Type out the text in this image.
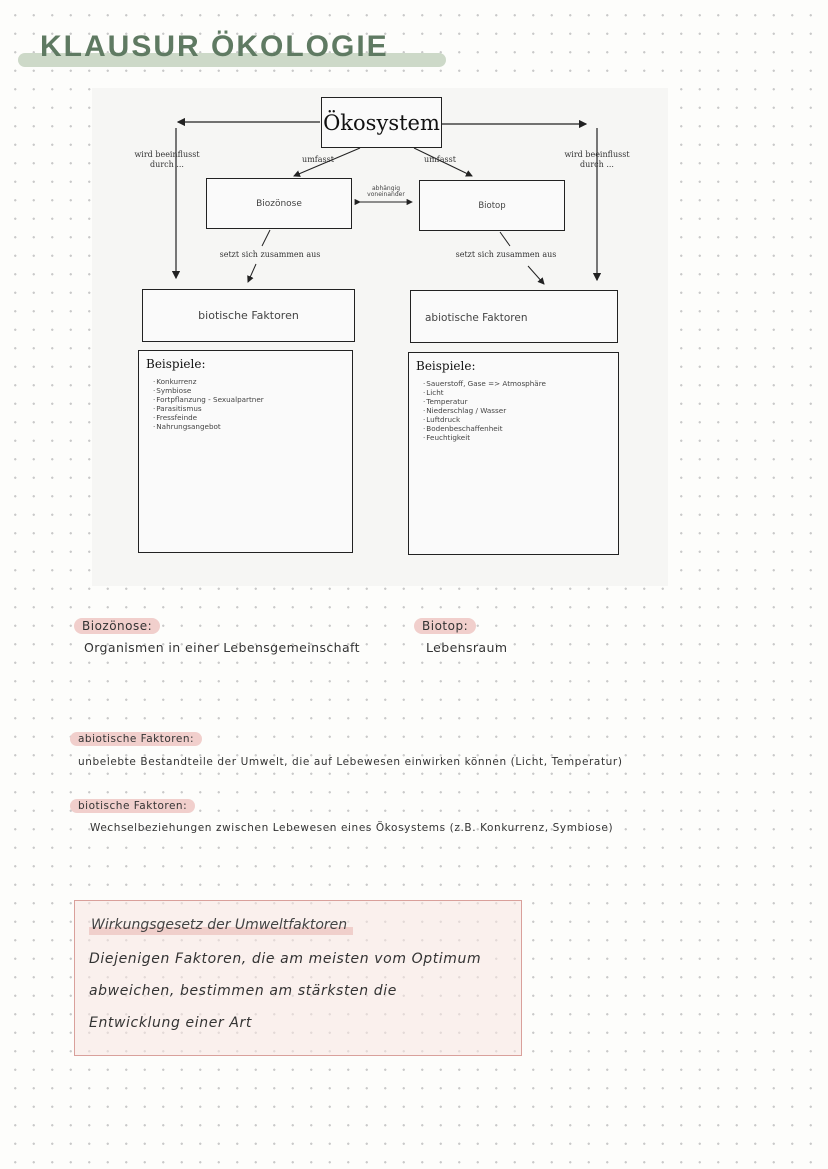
KLAUSUR ÖKOLOGIE
Ökosystem
wird beeinflusst durch ...
wird beeinflusst durch ...
umfasst	umfasst
Biozönose
abhängig voneinander
Biotop
setzt sich zusammen aus	setzt sich zusammen aus
biotische Faktoren	abiotische Faktoren
Beispiele:
· Konkurrenz
· Symbiose
· Fortpflanzung - Sexualpartner
· Parasitismus
· Fressfeinde
· Nahrungsangebot
Beispiele:
· Sauerstoff, Gase => Atmosphäre
· Licht
· Temperatur
· Niederschlag / Wasser
· Luftdruck
· Bodenbeschaffenheit
· Feuchtigkeit
Biozönose:
Organismen in einer Lebensgemeinschaft
Biotop:
Lebensraum
abiotische Faktoren:
unbelebte Bestandteile der Umwelt, die auf Lebewesen einwirken können (Licht, Temperatur)
biotische Faktoren:
Wechselbeziehungen zwischen Lebewesen eines Ökosystems (z.B. Konkurrenz, Symbiose)
Wirkungsgesetz der Umweltfaktoren
Diejenigen Faktoren, die am meisten vom Optimum
abweichen, bestimmen am stärksten die
Entwicklung einer Art
